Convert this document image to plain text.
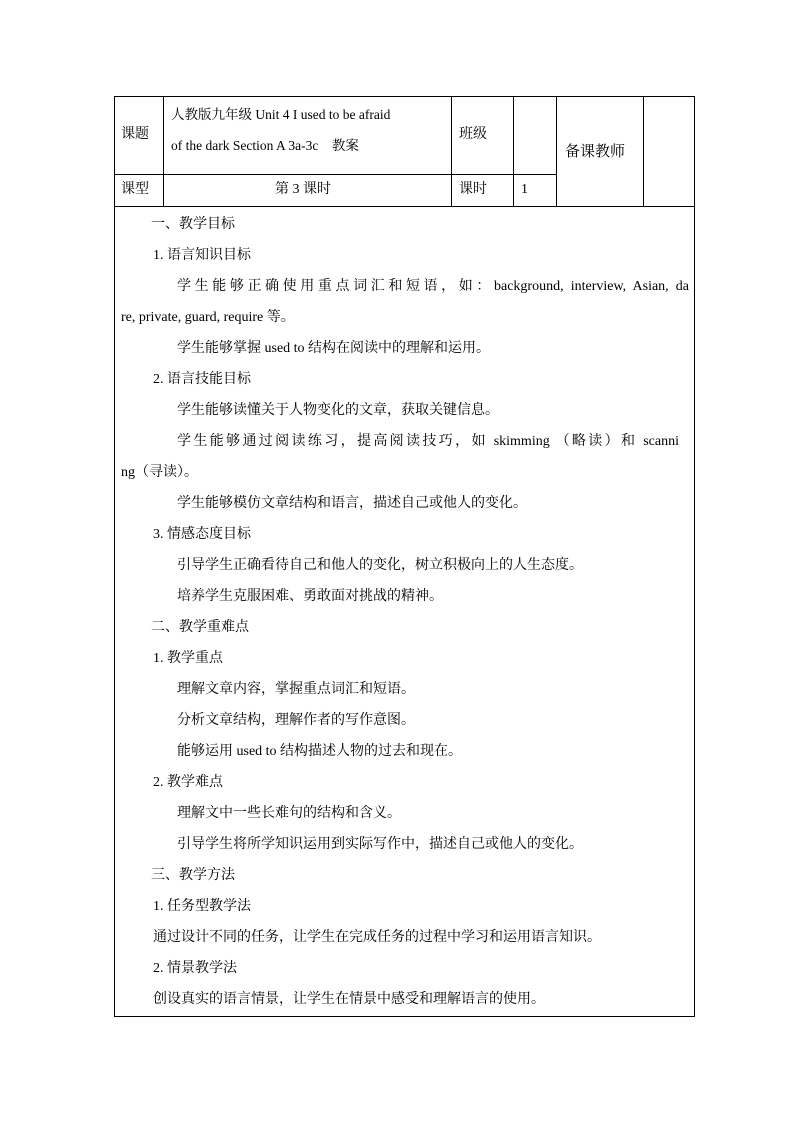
课题
人教版九年级 Unit 4 I used to be afraid
of the dark Section A 3a-3c　教案
班级
备课教师
课型	第 3 课时	课时 1
一、教学目标
1. 语言知识目标
学生能够正确使用重点词汇和短语，如：background, interview, Asian, da
re, private, guard, require 等。
学生能够掌握 used to 结构在阅读中的理解和运用。
2. 语言技能目标
学生能够读懂关于人物变化的文章，获取关键信息。
学生能够通过阅读练习，提高阅读技巧，如 skimming （略读）和 scanni
ng（寻读）。
学生能够模仿文章结构和语言，描述自己或他人的变化。
3. 情感态度目标
引导学生正确看待自己和他人的变化，树立积极向上的人生态度。
培养学生克服困难、勇敢面对挑战的精神。
二、教学重难点
1. 教学重点
理解文章内容，掌握重点词汇和短语。
分析文章结构，理解作者的写作意图。
能够运用 used to 结构描述人物的过去和现在。
2. 教学难点
理解文中一些长难句的结构和含义。
引导学生将所学知识运用到实际写作中，描述自己或他人的变化。
三、教学方法
1. 任务型教学法
通过设计不同的任务，让学生在完成任务的过程中学习和运用语言知识。
2. 情景教学法
创设真实的语言情景，让学生在情景中感受和理解语言的使用。
